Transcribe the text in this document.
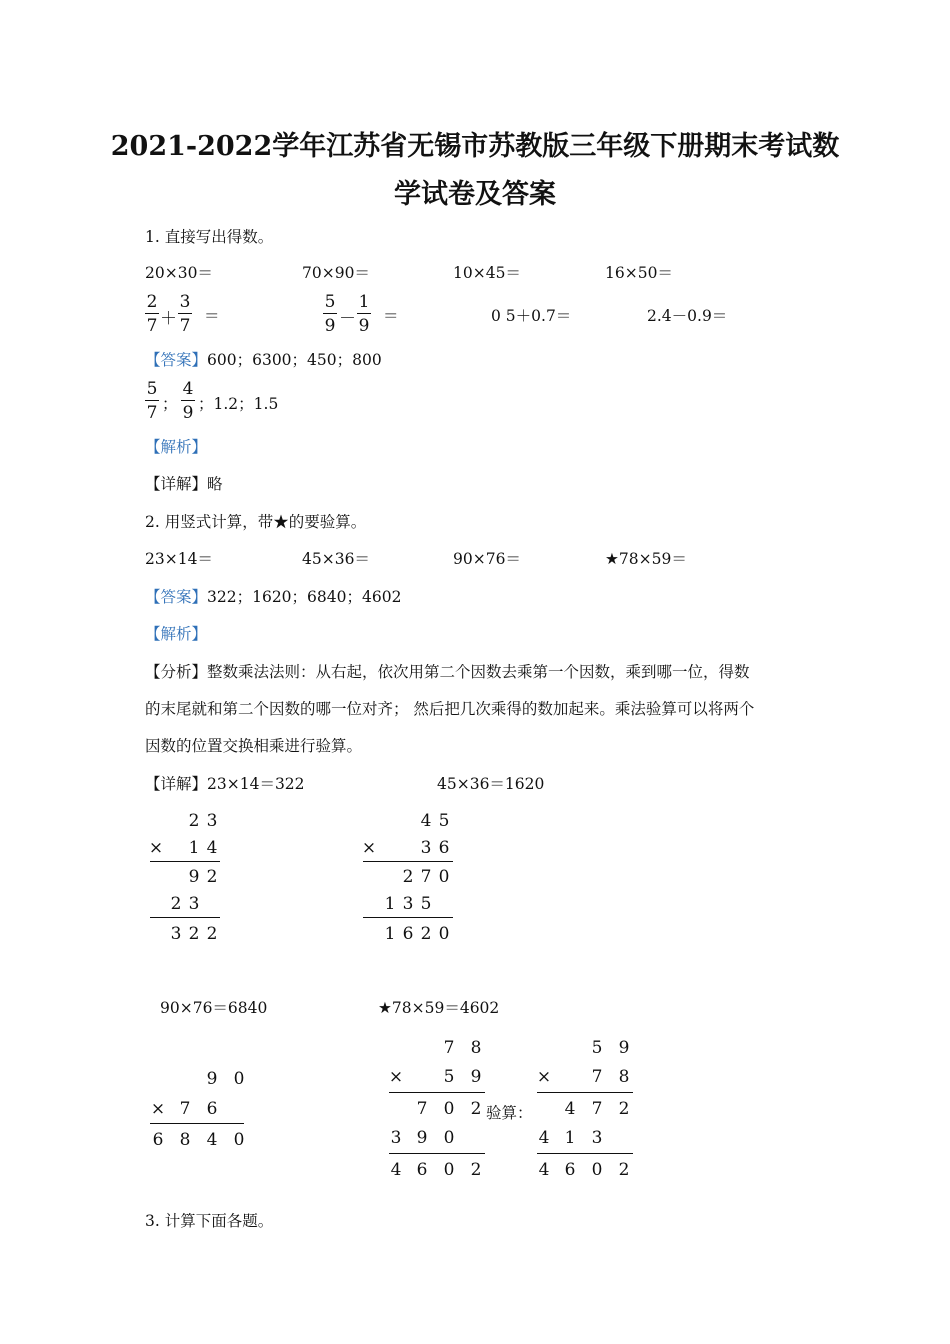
2021-2022学年江苏省无锡市苏教版三年级下册期末考试数
学试卷及答案
1. 直接写出得数。
20×30＝	70×90＝	10×45＝	16×50＝
2
7 ＋
3
7 ＝
5
9 －
1
9 ＝	0 5＋0.7＝	2.4－0.9＝
【答案】600；6300；450；800
5
7 ；
4
9 ；1.2；1.5
【解析】
【详解】略
2. 用竖式计算，带★的要验算。
23×14＝	45×36＝	90×76＝	★78×59＝
【答案】322；1620；6840；4602
【解析】
【分析】整数乘法法则：从右起，依次用第二个因数去乘第一个因数，乘到哪一位，得数
的末尾就和第二个因数的哪一位对齐； 然后把几次乘得的数加起来。乘法验算可以将两个
因数的位置交换相乘进行验算。
【详解】23×14＝322	45×36＝1620
2 3
×	1 4
9 2
2 3
3 2 2
4 5
×	3 6
2 7 0
1 3 5
1 6 2 0
90×76＝6840	★78×59＝4602
9 0
× 7 6
6 8 4 0
7 8
×	5 9
7 0 2
3 9 0
4 6 0 2
验算：
5 9
×	7 8
4 7 2
4 1 3
4 6 0 2
3. 计算下面各题。
